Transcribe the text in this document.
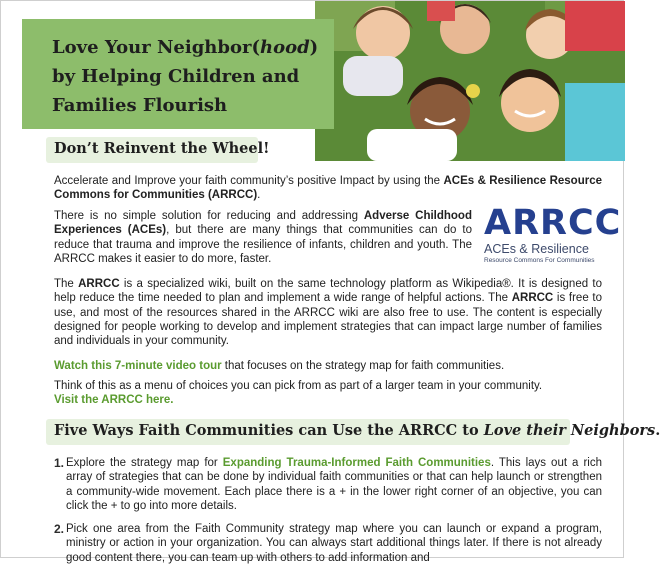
Love Your Neighbor(hood)
by Helping Children and
Families Flourish
Don’t Reinvent the Wheel!

Accelerate and Improve your faith community’s positive Impact by using the ACEs & Resilience Resource Commons for Communities (ARRCC).

There is no simple solution for reducing and addressing Adverse Childhood Experiences (ACEs), but there are many things that communities can do to reduce that trauma and improve the resilience of infants, children and youth. The ARRCC makes it easier to do more, faster.

ARRCC
ACEs & Resilience
Resource Commons For Communities

The ARRCC is a specialized wiki, built on the same technology platform as Wikipedia®. It is designed to help reduce the time needed to plan and implement a wide range of helpful actions. The ARRCC is free to use, and most of the resources shared in the ARRCC wiki are also free to use. The content is especially designed for people working to develop and implement strategies that can impact large number of families and individuals in your community.

Watch this 7-minute video tour that focuses on the strategy map for faith communities.

Think of this as a menu of choices you can pick from as part of a larger team in your community.
Visit the ARRCC here.

Five Ways Faith Communities can Use the ARRCC to Love their Neighbors.
1. Explore the strategy map for Expanding Trauma-Informed Faith Communities. This lays out a rich array of strategies that can be done by individual faith communities or that can help launch or strengthen a community-wide movement. Each place there is a + in the lower right corner of an objective, you can click the + to go into more details.

2. Pick one area from the Faith Community strategy map where you can launch or expand a program, ministry or action in your organization. You can always start additional things later. If there is not already good content there, you can team up with others to add information and
